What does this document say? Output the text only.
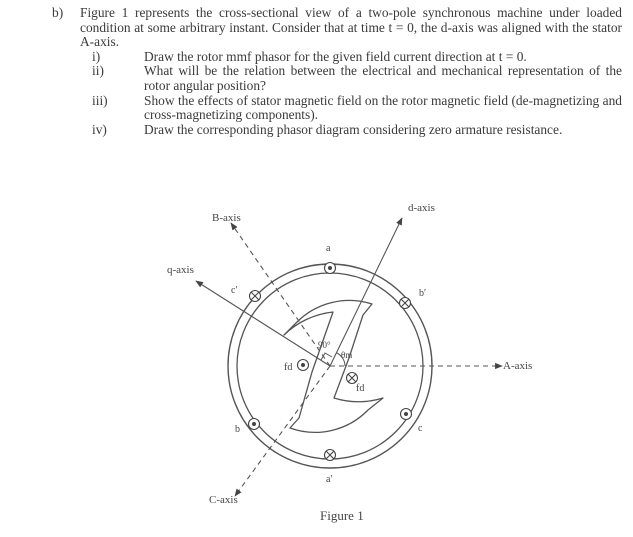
b)	Figure 1 represents the cross-sectional view of a two-pole synchronous machine under loaded condition at some arbitrary instant. Consider that at time t = 0, the d-axis was aligned with the stator A-axis.
i)	Draw the rotor mmf phasor for the given field current direction at t = 0.
ii)	What will be the relation between the electrical and mechanical representation of the rotor angular position?
iii)	Show the effects of stator magnetic field on the rotor magnetic field (de-magnetizing and cross-magnetizing components).
iv)	Draw the corresponding phasor diagram considering zero armature resistance.
d-axis
B-axis
q-axis
A-axis
C-axis
a
b′
c′
b	c
a′
90°
θm
fd
fd
Figure 1
